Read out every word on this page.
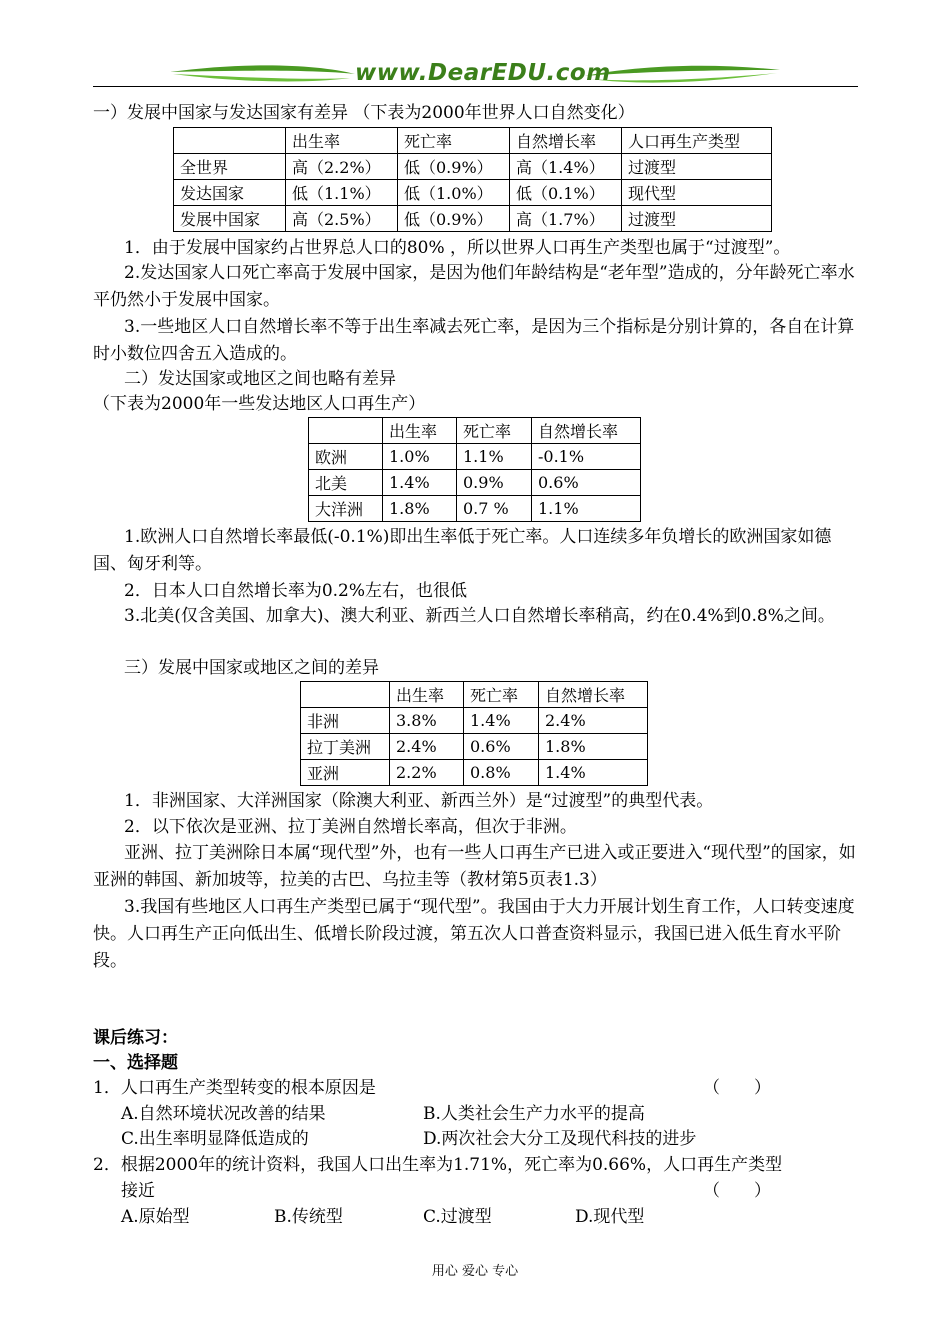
www.DearEDU.com
一）发展中国家与发达国家有差异 （下表为2000年世界人口自然变化）
	出生率	死亡率	自然增长率	人口再生产类型
全世界	高（2.2%）	低（0.9%）	高（1.4%）	过渡型
发达国家	低（1.1%）	低（1.0%）	低（0.1%）	现代型
发展中国家	高（2.5%）	低（0.9%）	高（1.7%）	过渡型
1．由于发展中国家约占世界总人口的80% ，所以世界人口再生产类型也属于“过渡型”。
2.发达国家人口死亡率高于发展中国家，是因为他们年龄结构是“老年型”造成的，分年龄死亡率水平仍然小于发展中国家。
3.一些地区人口自然增长率不等于出生率减去死亡率，是因为三个指标是分别计算的，各自在计算时小数位四舍五入造成的。
二）发达国家或地区之间也略有差异
（下表为2000年一些发达地区人口再生产）
	出生率	死亡率	自然增长率
欧洲	1.0%	1.1%	-0.1%
北美	1.4%	0.9%	0.6%
大洋洲	1.8%	0.7 %	1.1%
1.欧洲人口自然增长率最低(-0.1%)即出生率低于死亡率。人口连续多年负增长的欧洲国家如德国、匈牙利等。
2．日本人口自然增长率为0.2%左右，也很低
3.北美(仅含美国、加拿大)、澳大利亚、新西兰人口自然增长率稍高，约在0.4%到0.8%之间。
三）发展中国家或地区之间的差异
	出生率	死亡率	自然增长率
非洲	3.8%	1.4%	2.4%
拉丁美洲	2.4%	0.6%	1.8%
亚洲	2.2%	0.8%	1.4%
1．非洲国家、大洋洲国家（除澳大利亚、新西兰外）是“过渡型”的典型代表。
2．以下依次是亚洲、拉丁美洲自然增长率高，但次于非洲。
亚洲、拉丁美洲除日本属“现代型”外，也有一些人口再生产已进入或正要进入“现代型”的国家，如亚洲的韩国、新加坡等，拉美的古巴、乌拉圭等（教材第5页表1.3）
3.我国有些地区人口再生产类型已属于“现代型”。我国由于大力开展计划生育工作，人口转变速度快。人口再生产正向低出生、低增长阶段过渡，第五次人口普查资料显示，我国已进入低生育水平阶段。
课后练习：
一、选择题
1．人口再生产类型转变的根本原因是	（　　）
A.自然环境状况改善的结果	B.人类社会生产力水平的提高
C.出生率明显降低造成的	D.两次社会大分工及现代科技的进步
2．根据2000年的统计资料，我国人口出生率为1.71%，死亡率为0.66%，人口再生产类型
接近	（　　）
A.原始型	B.传统型	C.过渡型	D.现代型
用心 爱心 专心
